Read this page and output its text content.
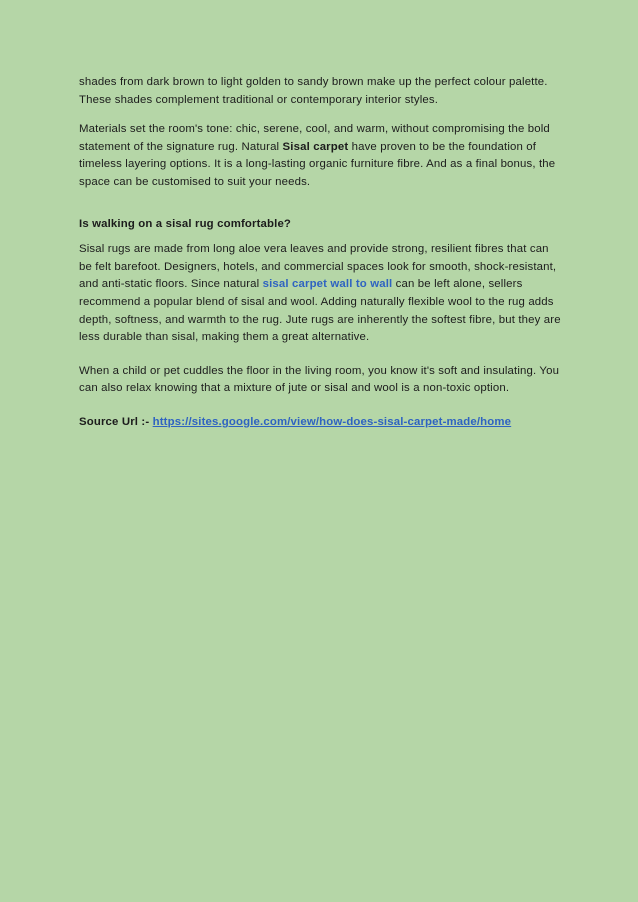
shades from dark brown to light golden to sandy brown make up the perfect colour palette. These shades complement traditional or contemporary interior styles.

Materials set the room's tone: chic, serene, cool, and warm, without compromising the bold statement of the signature rug. Natural Sisal carpet have proven to be the foundation of timeless layering options. It is a long-lasting organic furniture fibre. And as a final bonus, the space can be customised to suit your needs.

Is walking on a sisal rug comfortable?

Sisal rugs are made from long aloe vera leaves and provide strong, resilient fibres that can be felt barefoot. Designers, hotels, and commercial spaces look for smooth, shock-resistant, and anti-static floors. Since natural sisal carpet wall to wall can be left alone, sellers recommend a popular blend of sisal and wool. Adding naturally flexible wool to the rug adds depth, softness, and warmth to the rug. Jute rugs are inherently the softest fibre, but they are less durable than sisal, making them a great alternative.

When a child or pet cuddles the floor in the living room, you know it's soft and insulating. You can also relax knowing that a mixture of jute or sisal and wool is a non-toxic option.

Source Url :- https://sites.google.com/view/how-does-sisal-carpet-made/home
